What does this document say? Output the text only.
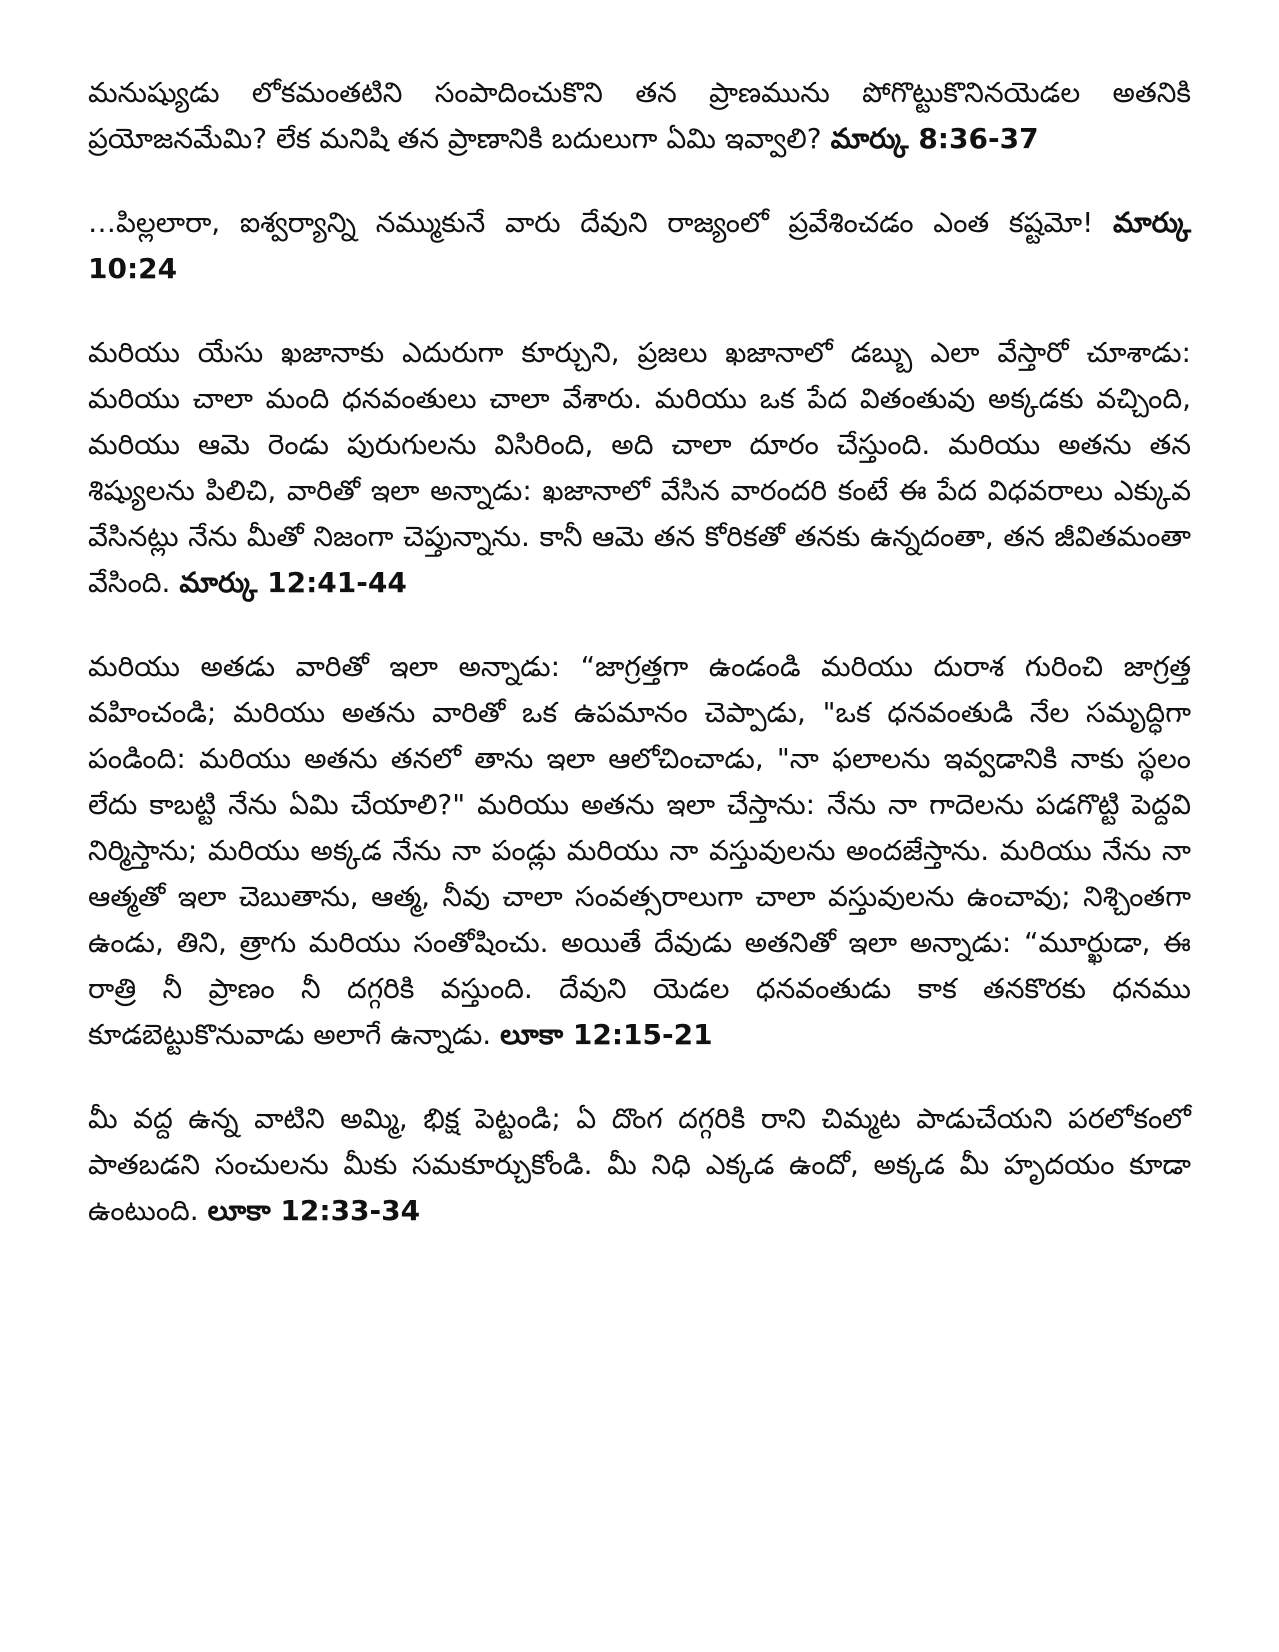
మనుష్యుడు లోకమంతటిని సంపాదించుకొని తన ప్రాణమును పోగొట్టుకొనినయెడల అతనికి ప్రయోజనమేమి? లేక మనిషి తన ప్రాణానికి బదులుగా ఏమి ఇవ్వాలి? మార్కు 8:36-37

…పిల్లలారా, ఐశ్వర్యాన్ని నమ్ముకునే వారు దేవుని రాజ్యంలో ప్రవేశించడం ఎంత కష్టమో! మార్కు 10:24

మరియు యేసు ఖజానాకు ఎదురుగా కూర్చుని, ప్రజలు ఖజానాలో డబ్బు ఎలా వేస్తారో చూశాడు: మరియు చాలా మంది ధనవంతులు చాలా వేశారు. మరియు ఒక పేద వితంతువు అక్కడకు వచ్చింది, మరియు ఆమె రెండు పురుగులను విసిరింది, అది చాలా దూరం చేస్తుంది. మరియు అతను తన శిష్యులను పిలిచి, వారితో ఇలా అన్నాడు: ఖజానాలో వేసిన వారందరి కంటే ఈ పేద విధవరాలు ఎక్కువ వేసినట్లు నేను మీతో నిజంగా చెప్తున్నాను. కానీ ఆమె తన కోరికతో తనకు ఉన్నదంతా, తన జీవితమంతా వేసింది. మార్కు 12:41-44

మరియు అతడు వారితో ఇలా అన్నాడు: “జాగ్రత్తగా ఉండండి మరియు దురాశ గురించి జాగ్రత్త వహించండి; మరియు అతను వారితో ఒక ఉపమానం చెప్పాడు, "ఒక ధనవంతుడి నేల సమృద్ధిగా పండింది: మరియు అతను తనలో తాను ఇలా ఆలోచించాడు, "నా ఫలాలను ఇవ్వడానికి నాకు స్థలం లేదు కాబట్టి నేను ఏమి చేయాలి?" మరియు అతను ఇలా చేస్తాను: నేను నా గాదెలను పడగొట్టి పెద్దవి నిర్మిస్తాను; మరియు అక్కడ నేను నా పండ్లు మరియు నా వస్తువులను అందజేస్తాను. మరియు నేను నా ఆత్మతో ఇలా చెబుతాను, ఆత్మ, నీవు చాలా సంవత్సరాలుగా చాలా వస్తువులను ఉంచావు; నిశ్చింతగా ఉండు, తిని, త్రాగు మరియు సంతోషించు. అయితే దేవుడు అతనితో ఇలా అన్నాడు: “మూర్ఖుడా, ఈ రాత్రి నీ ప్రాణం నీ దగ్గరికి వస్తుంది. దేవుని యెడల ధనవంతుడు కాక తనకొరకు ధనము కూడబెట్టుకొనువాడు అలాగే ఉన్నాడు. లూకా 12:15-21

మీ వద్ద ఉన్న వాటిని అమ్మి, భిక్ష పెట్టండి; ఏ దొంగ దగ్గరికి రాని చిమ్మట పాడుచేయని పరలోకంలో పాతబడని సంచులను మీకు సమకూర్చుకోండి. మీ నిధి ఎక్కడ ఉందో, అక్కడ మీ హృదయం కూడా ఉంటుంది. లూకా 12:33-34
